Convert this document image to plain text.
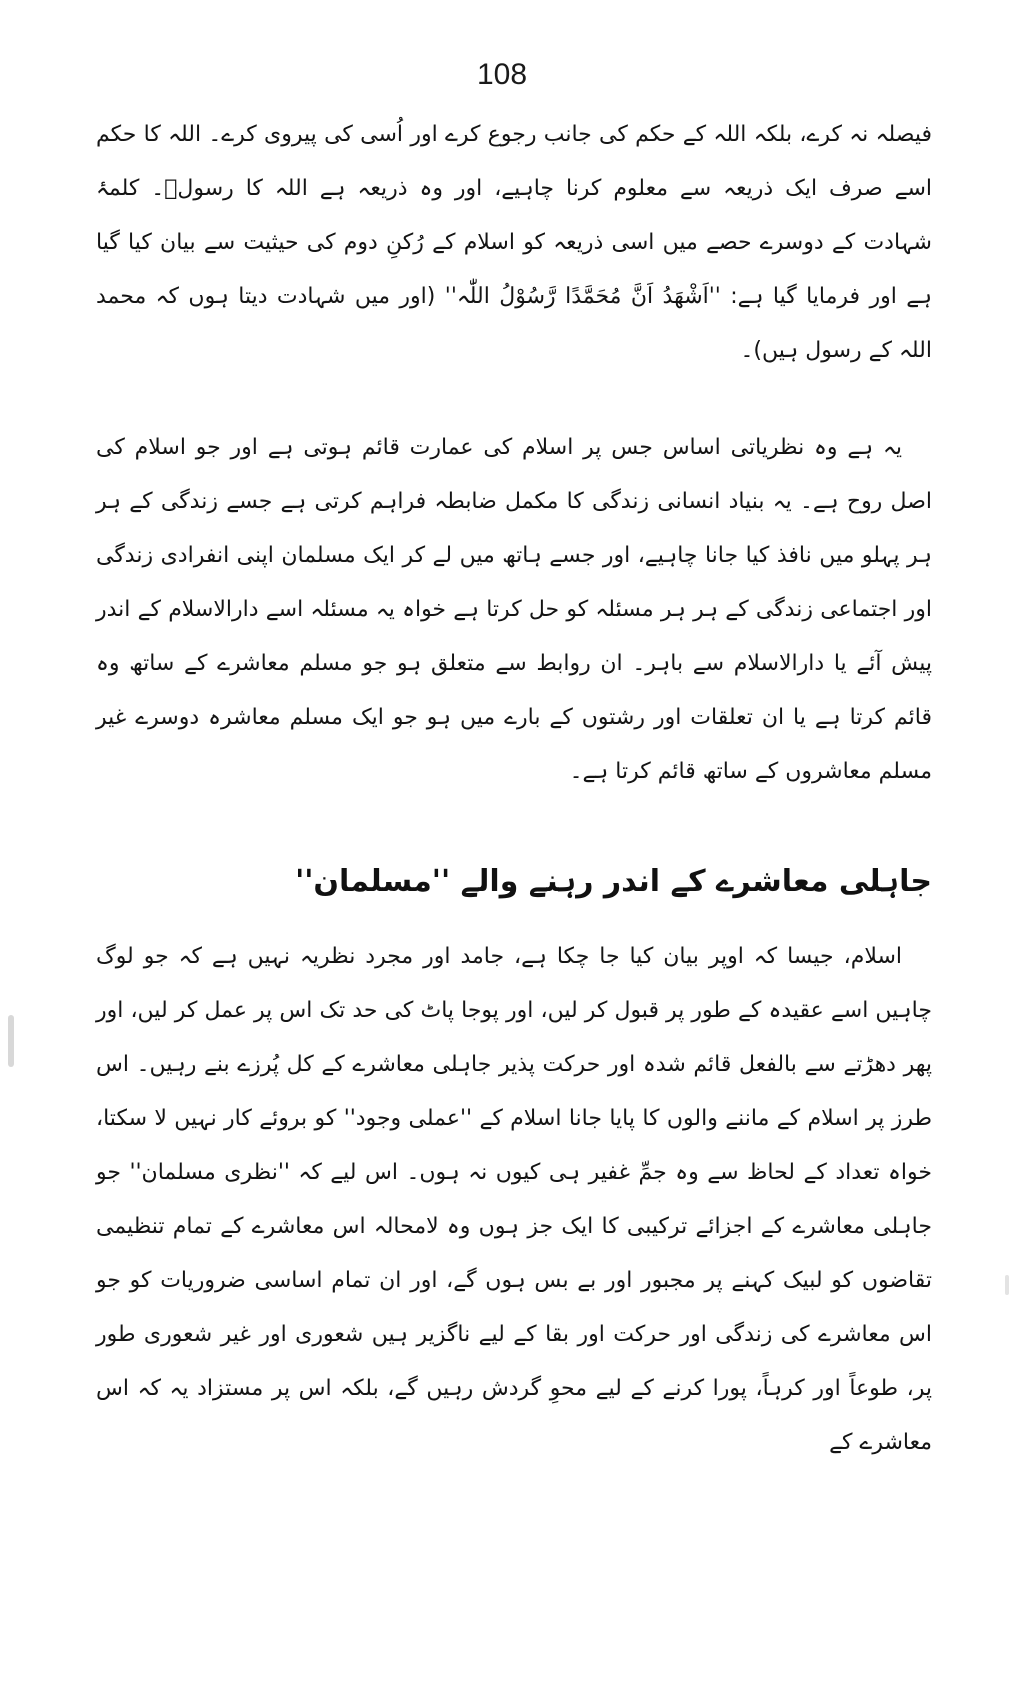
108

فیصلہ نہ کرے، بلکہ اللہ کے حکم کی جانب رجوع کرے اور اُسی کی پیروی کرے۔ اللہ کا حکم اسے صرف ایک ذریعہ سے معلوم کرنا چاہیے، اور وہ ذریعہ ہے اللہ کا رسولؐ۔ کلمۂ شہادت کے دوسرے حصے میں اسی ذریعہ کو اسلام کے رُکنِ دوم کی حیثیت سے بیان کیا گیا ہے اور فرمایا گیا ہے: ''اَشْھَدُ اَنَّ مُحَمَّدًا رَّسُوْلُ اللّٰہ'' (اور میں شہادت دیتا ہوں کہ محمد اللہ کے رسول ہیں)۔

یہ ہے وہ نظریاتی اساس جس پر اسلام کی عمارت قائم ہوتی ہے اور جو اسلام کی اصل روح ہے۔ یہ بنیاد انسانی زندگی کا مکمل ضابطہ فراہم کرتی ہے جسے زندگی کے ہر ہر پہلو میں نافذ کیا جانا چاہیے، اور جسے ہاتھ میں لے کر ایک مسلمان اپنی انفرادی زندگی اور اجتماعی زندگی کے ہر ہر مسئلہ کو حل کرتا ہے خواہ یہ مسئلہ اسے دارالاسلام کے اندر پیش آئے یا دارالاسلام سے باہر۔ ان روابط سے متعلق ہو جو مسلم معاشرے کے ساتھ وہ قائم کرتا ہے یا ان تعلقات اور رشتوں کے بارے میں ہو جو ایک مسلم معاشرہ دوسرے غیر مسلم معاشروں کے ساتھ قائم کرتا ہے۔

جاہلی معاشرے کے اندر رہنے والے ''مسلمان''

اسلام، جیسا کہ اوپر بیان کیا جا چکا ہے، جامد اور مجرد نظریہ نہیں ہے کہ جو لوگ چاہیں اسے عقیدہ کے طور پر قبول کر لیں، اور پوجا پاٹ کی حد تک اس پر عمل کر لیں، اور پھر دھڑتے سے بالفعل قائم شدہ اور حرکت پذیر جاہلی معاشرے کے کل پُرزے بنے رہیں۔ اس طرز پر اسلام کے ماننے والوں کا پایا جانا اسلام کے ''عملی وجود'' کو بروئے کار نہیں لا سکتا، خواہ تعداد کے لحاظ سے وہ جمِّ غفیر ہی کیوں نہ ہوں۔ اس لیے کہ ''نظری مسلمان'' جو جاہلی معاشرے کے اجزائے ترکیبی کا ایک جز ہوں وہ لامحالہ اس معاشرے کے تمام تنظیمی تقاضوں کو لبیک کہنے پر مجبور اور بے بس ہوں گے، اور ان تمام اساسی ضروریات کو جو اس معاشرے کی زندگی اور حرکت اور بقا کے لیے ناگزیر ہیں شعوری اور غیر شعوری طور پر، طوعاً اور کرہاً، پورا کرنے کے لیے محوِ گردش رہیں گے، بلکہ اس پر مستزاد یہ کہ اس معاشرے کے
